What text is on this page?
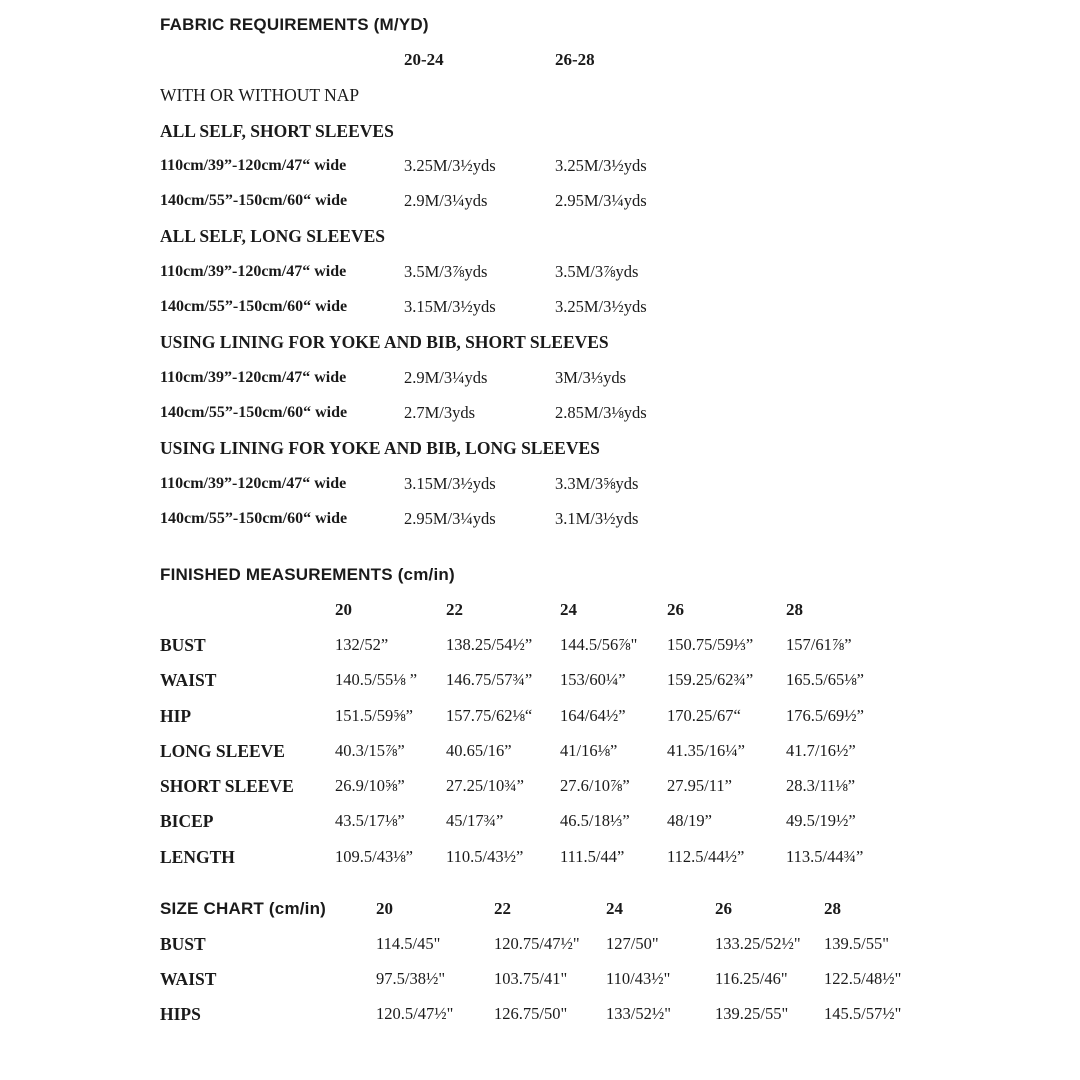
FABRIC REQUIREMENTS (M/YD)
20-24	26-28
WITH OR WITHOUT NAP
ALL SELF, SHORT SLEEVES
110cm/39”-120cm/47“ wide	3.25M/3½yds	3.25M/3½yds
140cm/55”-150cm/60“ wide	2.9M/3¼yds	2.95M/3¼yds
ALL SELF, LONG SLEEVES
110cm/39”-120cm/47“ wide	3.5M/3⅞yds	3.5M/3⅞yds
140cm/55”-150cm/60“ wide	3.15M/3½yds	3.25M/3½yds
USING LINING FOR YOKE AND BIB, SHORT SLEEVES
110cm/39”-120cm/47“ wide	2.9M/3¼yds	3M/3⅓yds
140cm/55”-150cm/60“ wide	2.7M/3yds	2.85M/3⅛yds
USING LINING FOR YOKE AND BIB, LONG SLEEVES
110cm/39”-120cm/47“ wide	3.15M/3½yds	3.3M/3⅝yds
140cm/55”-150cm/60“ wide	2.95M/3¼yds	3.1M/3½yds
FINISHED MEASUREMENTS (cm/in)
20	22	24	26	28
BUST	132/52”	138.25/54½” 144.5/56⅞" 150.75/59⅓” 157/61⅞”
WAIST	140.5/55⅛ ” 146.75/57¾” 153/60¼”	159.25/62¾” 165.5/65⅛”
HIP	151.5/59⅝” 157.75/62⅛“ 164/64½”	170.25/67“	176.5/69½”
LONG SLEEVE	40.3/15⅞”	40.65/16”	41/16⅛”	41.35/16¼” 41.7/16½”
SHORT SLEEVE 26.9/10⅝”	27.25/10¾” 27.6/10⅞” 27.95/11”	28.3/11⅛”
BICEP	43.5/17⅛”	45/17¾”	46.5/18⅓” 48/19”	49.5/19½”
LENGTH	109.5/43⅛” 110.5/43½” 111.5/44”	112.5/44½”	113.5/44¾”
SIZE CHART (cm/in)	20	22	24	26	28
BUST	114.5/45"	120.75/47½" 127/50"	133.25/52½" 139.5/55"
WAIST	97.5/38½"	103.75/41" 110/43½"	116.25/46" 122.5/48½"
HIPS	120.5/47½" 126.75/50" 133/52½"	139.25/55" 145.5/57½"
